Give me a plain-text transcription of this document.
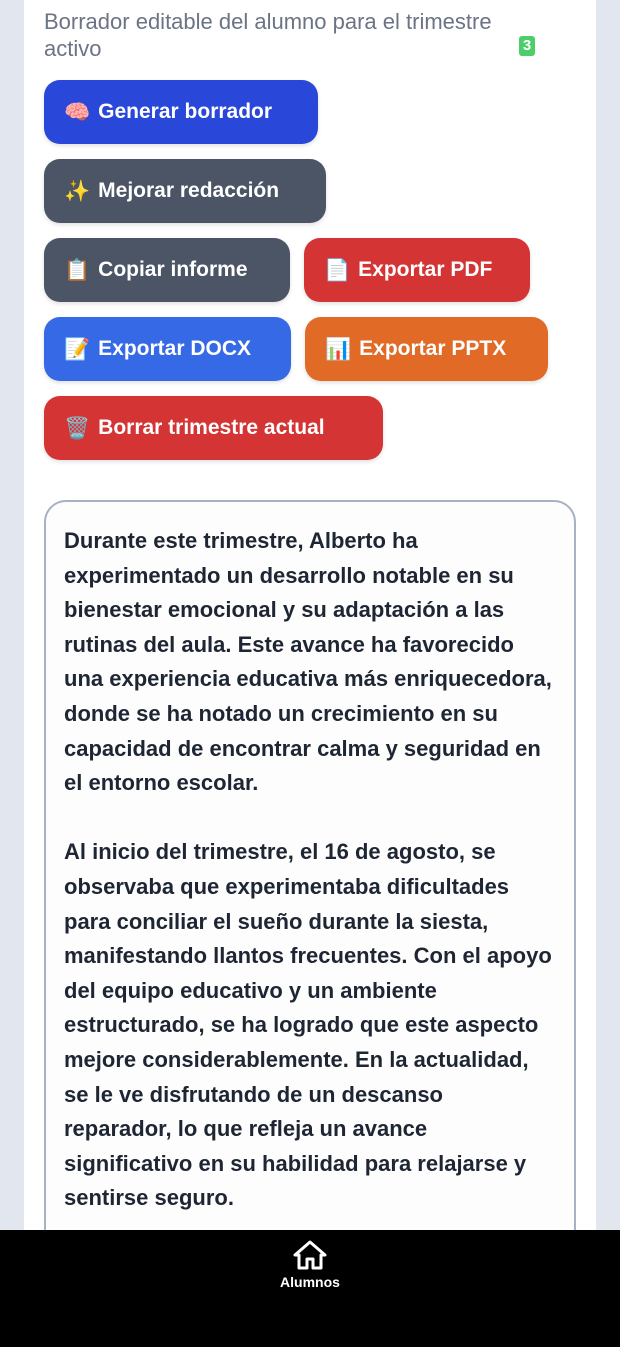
Borrador editable del alumno para el trimestre activo	3
🧠 Generar borrador
✨ Mejorar redacción
📋 Copiar informe	📄 Exportar PDF
📝 Exportar DOCX	📊 Exportar PPTX
🗑️ Borrar trimestre actual

Durante este trimestre, Alberto ha experimentado un desarrollo notable en su bienestar emocional y su adaptación a las rutinas del aula. Este avance ha favorecido una experiencia educativa más enriquecedora, donde se ha notado un crecimiento en su capacidad de encontrar calma y seguridad en el entorno escolar.

Al inicio del trimestre, el 16 de agosto, se observaba que experimentaba dificultades para conciliar el sueño durante la siesta, manifestando llantos frecuentes. Con el apoyo del equipo educativo y un ambiente estructurado, se ha logrado que este aspecto mejore considerablemente. En la actualidad, se le ve disfrutando de un descanso reparador, lo que refleja un avance significativo en su habilidad para relajarse y sentirse seguro.

Alumnos
